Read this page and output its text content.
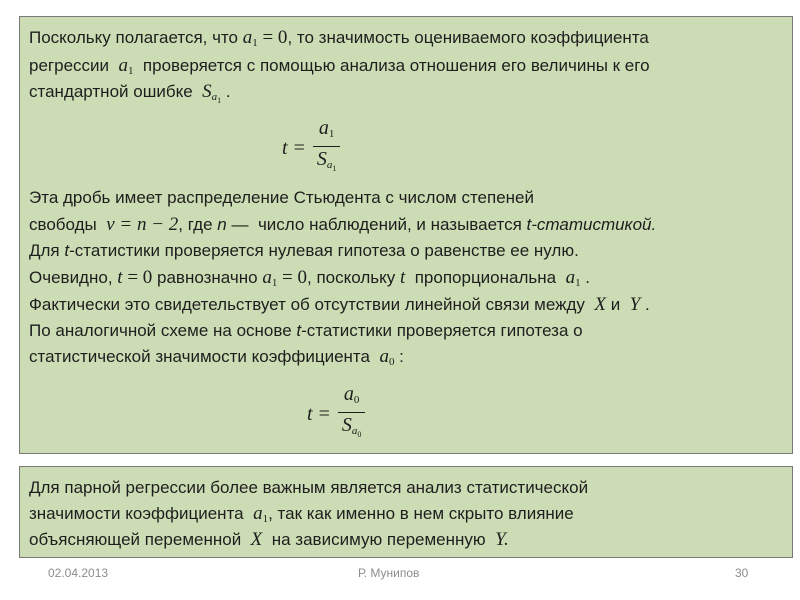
Поскольку полагается, что $a_1 = 0$, то значимость оцениваемого коэффициента
регрессии $a_1$ проверяется с помощью анализа отношения его величины к его
стандартной ошибке $S_{a_1}$ .
$t = \frac{a_1}{S_{a_1}}$
Эта дробь имеет распределение Стьюдента с числом степеней
свободы ν = n − 2, где n — число наблюдений, и называется t-статистикой.
Для t-статистики проверяется нулевая гипотеза о равенстве ее нулю.
Очевидно, t = 0 равнозначно $a_1 = 0$, поскольку t пропорциональна $a_1$ .
Фактически это свидетельствует об отсутствии линейной связи между X и Y .
По аналогичной схеме на основе t-статистики проверяется гипотеза о
статистической значимости коэффициента $a_0$ :
$t = \frac{a_0}{S_{a_0}}$
Для парной регрессии более важным является анализ статистической
значимости коэффициента $a_1$, так как именно в нем скрыто влияние
объясняющей переменной X на зависимую переменную Y.
02.04.2013	Р. Мунипов	30
